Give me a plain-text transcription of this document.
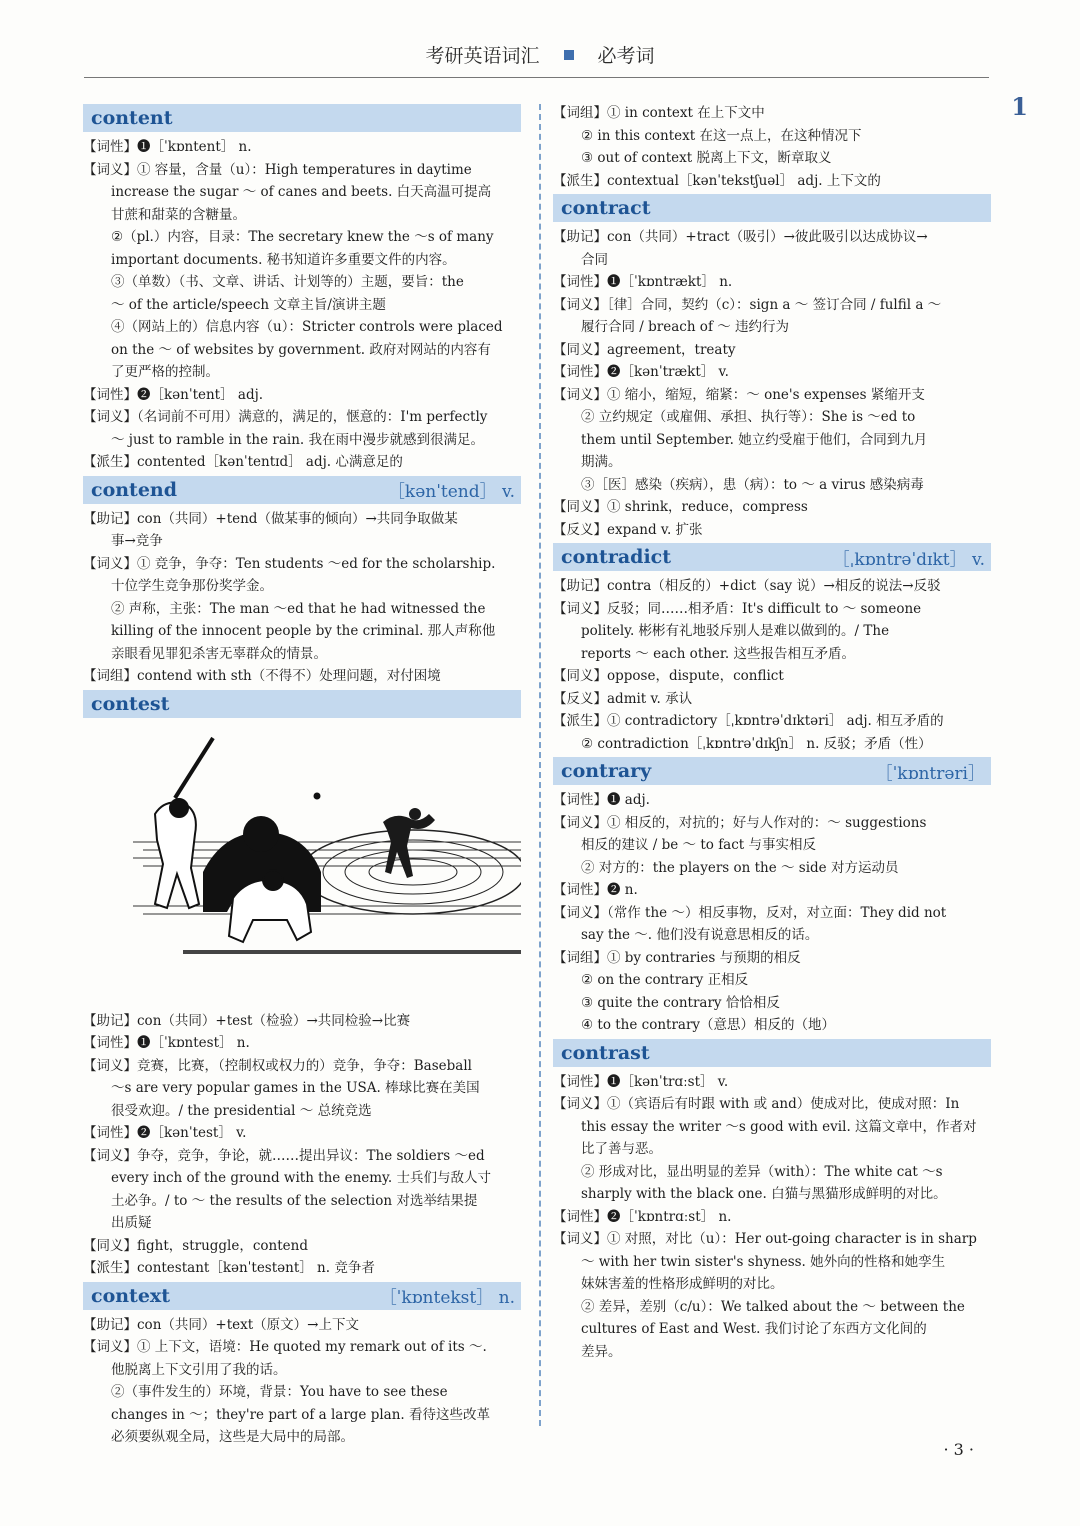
考研英语词汇	必考词
1
content
【词性】❶［ˈkɒntent］ n.
【词义】① 容量，含量（u）：High temperatures in daytime
increase the sugar ～ of canes and beets. 白天高温可提高
甘蔗和甜菜的含糖量。
②（pl.）内容，目录：The secretary knew the ～s of many
important documents. 秘书知道许多重要文件的内容。
③（单数）（书、文章、讲话、计划等的）主题，要旨：the
～ of the article/speech 文章主旨/演讲主题
④（网站上的）信息内容（u）：Stricter controls were placed
on the ～ of websites by government. 政府对网站的内容有
了更严格的控制。
【词性】❷［kənˈtent］ adj.
【词义】（名词前不可用）满意的，满足的，惬意的：I'm perfectly
～ just to ramble in the rain. 我在雨中漫步就感到很满足。
【派生】contented［kənˈtentɪd］ adj. 心满意足的
contend	［kənˈtend］ v.
【助记】con（共同）+tend（做某事的倾向）→共同争取做某
事→竞争
【词义】① 竞争，争夺：Ten students ～ed for the scholarship.
十位学生竞争那份奖学金。
② 声称，主张：The man ～ed that he had witnessed the
killing of the innocent people by the criminal. 那人声称他
亲眼看见罪犯杀害无辜群众的情景。
【词组】contend with sth（不得不）处理问题，对付困境
contest
【助记】con（共同）+test（检验）→共同检验→比赛
【词性】❶［ˈkɒntest］ n.
【词义】竞赛，比赛，（控制权或权力的）竞争，争夺：Baseball
～s are very popular games in the USA. 棒球比赛在美国
很受欢迎。/ the presidential ～ 总统竞选
【词性】❷［kənˈtest］ v.
【词义】争夺，竞争，争论，就……提出异议：The soldiers ～ed
every inch of the ground with the enemy. 士兵们与敌人寸
土必争。/ to ～ the results of the selection 对选举结果提
出质疑
【同义】fight，struggle，contend
【派生】contestant［kənˈtestənt］ n. 竞争者
context	［ˈkɒntekst］ n.
【助记】con（共同）+text（原文）→上下文
【词义】① 上下文，语境：He quoted my remark out of its ～.
他脱离上下文引用了我的话。
②（事件发生的）环境，背景：You have to see these
changes in ～；they're part of a large plan. 看待这些改革
必须要纵观全局，这些是大局中的局部。
【词组】① in context 在上下文中
② in this context 在这一点上，在这种情况下
③ out of context 脱离上下文，断章取义
【派生】contextual［kənˈtekstʃuəl］ adj. 上下文的
contract
【助记】con（共同）+tract（吸引）→彼此吸引以达成协议→
合同
【词性】❶［ˈkɒntrækt］ n.
【词义】［律］合同，契约（c）：sign a ～ 签订合同 / fulfil a ～
履行合同 / breach of ～ 违约行为
【同义】agreement，treaty
【词性】❷［kənˈtrækt］ v.
【词义】① 缩小，缩短，缩紧：～ one's expenses 紧缩开支
② 立约规定（或雇佣、承担、执行等）：She is ～ed to
them until September. 她立约受雇于他们，合同到九月
期满。
③［医］感染（疾病），患（病）：to ～ a virus 感染病毒
【同义】① shrink，reduce，compress
【反义】expand v. 扩张
contradict	［ˌkɒntrəˈdɪkt］ v.
【助记】contra（相反的）+dict（say 说）→相反的说法→反驳
【词义】反驳；同……相矛盾：It's difficult to ～ someone
politely. 彬彬有礼地驳斥别人是难以做到的。/ The
reports ～ each other. 这些报告相互矛盾。
【同义】oppose，dispute，conflict
【反义】admit v. 承认
【派生】① contradictory［ˌkɒntrəˈdɪktəri］ adj. 相互矛盾的
② contradiction［ˌkɒntrəˈdɪkʃn］ n. 反驳；矛盾（性）
contrary	［ˈkɒntrəri］
【词性】❶ adj.
【词义】① 相反的，对抗的；好与人作对的：～ suggestions
相反的建议 / be ～ to fact 与事实相反
② 对方的：the players on the ～ side 对方运动员
【词性】❷ n.
【词义】（常作 the ～）相反事物，反对，对立面：They did not
say the ～. 他们没有说意思相反的话。
【词组】① by contraries 与预期的相反
② on the contrary 正相反
③ quite the contrary 恰恰相反
④ to the contrary（意思）相反的（地）
contrast
【词性】❶［kənˈtrɑːst］ v.
【词义】①（宾语后有时跟 with 或 and）使成对比，使成对照：In
this essay the writer ～s good with evil. 这篇文章中，作者对
比了善与恶。
② 形成对比，显出明显的差异（with）：The white cat ～s
sharply with the black one. 白猫与黑猫形成鲜明的对比。
【词性】❷［ˈkɒntrɑːst］ n.
【词义】① 对照，对比（u）：Her out-going character is in sharp
～ with her twin sister's shyness. 她外向的性格和她孪生
妹妹害羞的性格形成鲜明的对比。
② 差异，差别（c/u）：We talked about the ～ between the
cultures of East and West. 我们讨论了东西方文化间的
差异。
· 3 ·
